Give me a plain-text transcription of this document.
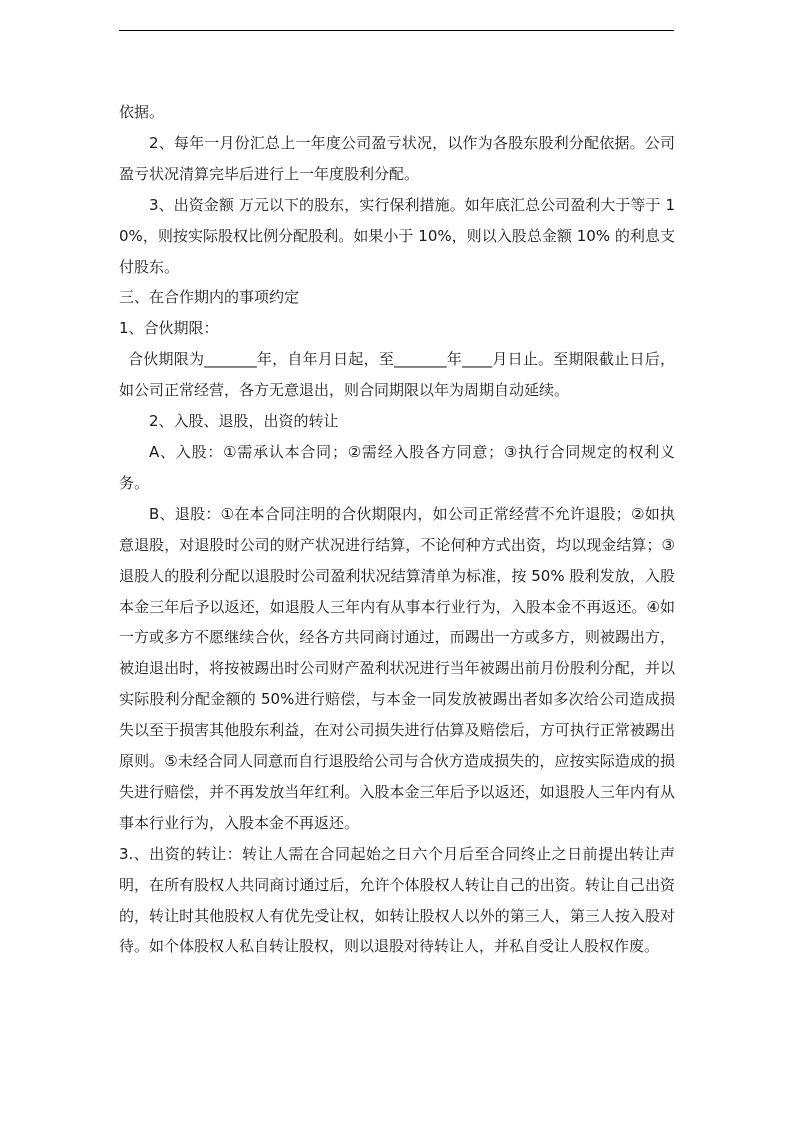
依据。

2、每年一月份汇总上一年度公司盈亏状况，以作为各股东股利分配依据。公司盈亏状况清算完毕后进行上一年度股利分配。

3、出资金额 万元以下的股东，实行保利措施。如年底汇总公司盈利大于等于 10%，则按实际股权比例分配股利。如果小于 10%，则以入股总金额 10% 的利息支付股东。

三、在合作期内的事项约定

1、合伙期限：

合伙期限为_______年，自年月日起，至_______年____月日止。至期限截止日后，如公司正常经营，各方无意退出，则合同期限以年为周期自动延续。

2、入股、退股，出资的转让

A、入股：①需承认本合同；②需经入股各方同意；③执行合同规定的权利义务。

B、退股：①在本合同注明的合伙期限内，如公司正常经营不允许退股；②如执意退股，对退股时公司的财产状况进行结算，不论何种方式出资，均以现金结算；③退股人的股利分配以退股时公司盈利状况结算清单为标准，按 50% 股利发放，入股本金三年后予以返还，如退股人三年内有从事本行业行为，入股本金不再返还。④如一方或多方不愿继续合伙，经各方共同商讨通过，而踢出一方或多方，则被踢出方，被迫退出时，将按被踢出时公司财产盈利状况进行当年被踢出前月份股利分配，并以实际股利分配金额的 50%进行赔偿，与本金一同发放被踢出者如多次给公司造成损失以至于损害其他股东利益，在对公司损失进行估算及赔偿后，方可执行正常被踢出原则。⑤未经合同人同意而自行退股给公司与合伙方造成损失的，应按实际造成的损失进行赔偿，并不再发放当年红利。入股本金三年后予以返还，如退股人三年内有从事本行业行为，入股本金不再返还。

3.、出资的转让：转让人需在合同起始之日六个月后至合同终止之日前提出转让声明，在所有股权人共同商讨通过后，允许个体股权人转让自己的出资。转让自己出资的，转让时其他股权人有优先受让权，如转让股权人以外的第三人，第三人按入股对待。如个体股权人私自转让股权，则以退股对待转让人，并私自受让人股权作废。
